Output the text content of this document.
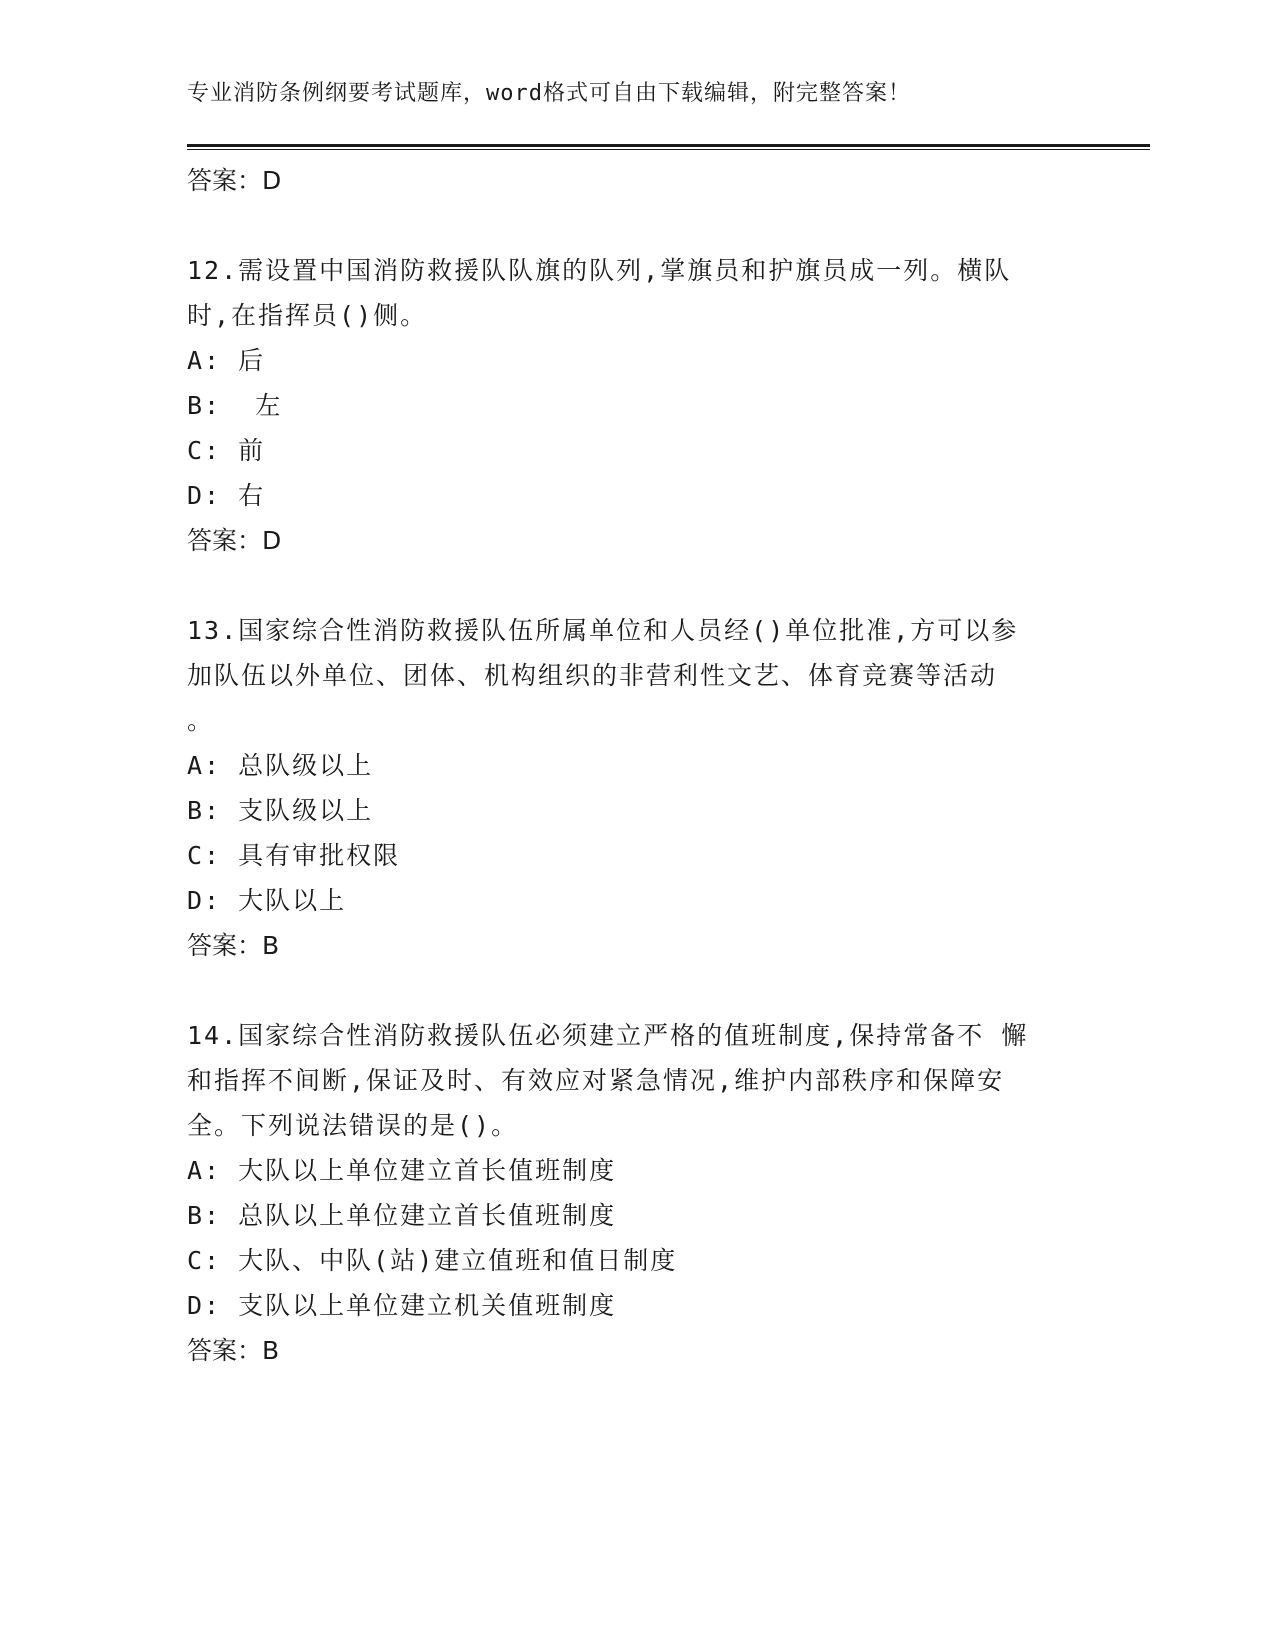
专业消防条例纲要考试题库，word格式可自由下载编辑，附完整答案！
答案：D
12.需设置中国消防救援队队旗的队列,掌旗员和护旗员成一列。横队
时,在指挥员()侧。
A: 后
B:  左
C: 前
D: 右
答案：D
13.国家综合性消防救援队伍所属单位和人员经()单位批准,方可以参
加队伍以外单位、团体、机构组织的非营利性文艺、体育竞赛等活动
。
A: 总队级以上
B: 支队级以上
C: 具有审批权限
D: 大队以上
答案：B
14.国家综合性消防救援队伍必须建立严格的值班制度,保持常备不 懈
和指挥不间断,保证及时、有效应对紧急情况,维护内部秩序和保障安
全。下列说法错误的是()。
A: 大队以上单位建立首长值班制度
B: 总队以上单位建立首长值班制度
C: 大队、中队(站)建立值班和值日制度
D: 支队以上单位建立机关值班制度
答案：B
